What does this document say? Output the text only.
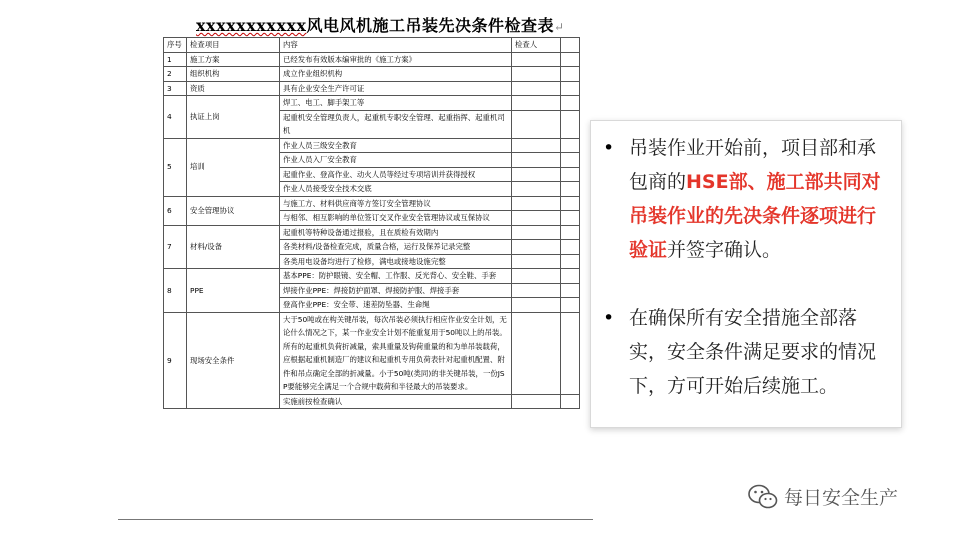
xxxxxxxxxxx风电风机施工吊装先决条件检查表↵
序号	检查项目	内容	检查人	
1	施工方案	已经发布有效版本编审批的《施工方案》		
2	组织机构	成立作业组织机构		
3	资质	具有企业安全生产许可证		
4	执证上岗	焊工、电工、脚手架工等		
		起重机安全管理负责人，起重机专职安全管理、起重指挥、起重机司机		
5	培训	作业人员三级安全教育		
		作业人员入厂安全教育		
		起重作业、登高作业、动火人员等经过专项培训并获得授权		
		作业人员接受安全技术交底		
6	安全管理协议	与施工方、材料供应商等方签订安全管理协议		
		与相邻、相互影响的单位签订交叉作业安全管理协议或互保协议		
7	材料/设备	起重机等特种设备通过报验，且在质检有效期内		
		各类材料/设备检查完成，质量合格，运行及保养记录完整		
		各类用电设备均进行了检修，满电或接地设施完整		
8	PPE	基本PPE：防护眼镜、安全帽、工作服、反光背心、安全鞋、手套		
		焊接作业PPE：焊接防护面罩、焊接防护服、焊接手套		
		登高作业PPE：安全带、速差防坠器、生命绳		
9	现场安全条件	大于50吨或在构关键吊装，每次吊装必须执行相应作业安全计划，无论什么情况之下，某一作业安全计划不能重复用于50吨以上的吊装。所有的起重机负荷折减量，索具重量及钩荷重量的和为单吊装载荷，应根据起重机制造厂的建议和起重机专用负荷表针对起重机配置、附件和吊点确定全部的折减量。小于50吨(类同)的非关键吊装，一份JSP要能够完全满足一个合规中载荷和半径最大的吊装要求。		
		实施前按检查确认		
• 吊装作业开始前，项目部和承包商的HSE部、施工部共同对吊装作业的先决条件逐项进行验证并签字确认。
• 在确保所有安全措施全部落实，安全条件满足要求的情况下，方可开始后续施工。
每日安全生产
